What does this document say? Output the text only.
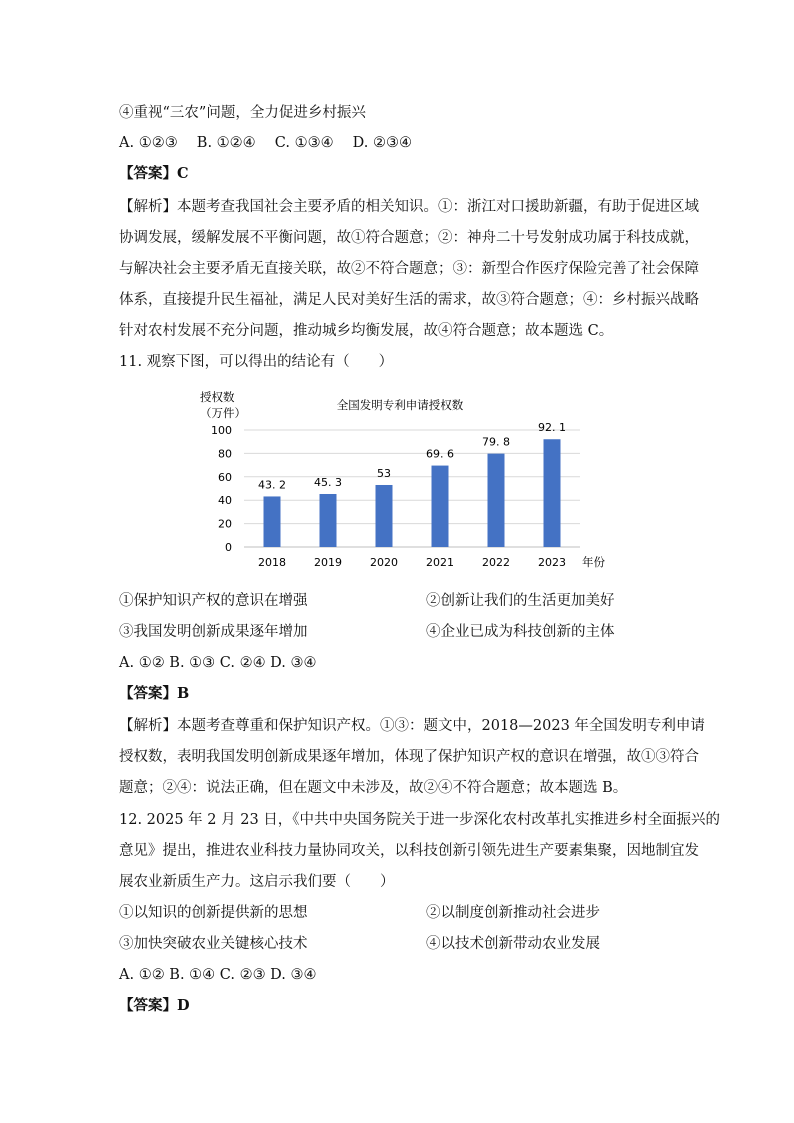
④重视“三农”问题，全力促进乡村振兴
A. ①②③　 B. ①②④　 C. ①③④　 D. ②③④
【答案】C
【解析】本题考查我国社会主要矛盾的相关知识。①：浙江对口援助新疆，有助于促进区域
协调发展，缓解发展不平衡问题，故①符合题意；②：神舟二十号发射成功属于科技成就，
与解决社会主要矛盾无直接关联，故②不符合题意；③：新型合作医疗保险完善了社会保障
体系，直接提升民生福祉，满足人民对美好生活的需求，故③符合题意；④：乡村振兴战略
针对农村发展不充分问题，推动城乡均衡发展，故④符合题意；故本题选 C。
11. 观察下图，可以得出的结论有（　　）
授权数
（万件）
全国发明专利申请授权数
年份
0
20
40
60
80
100
43. 2
2018
45. 3
2019
53
2020
69. 6
2021
79. 8
2022
92. 1
2023
①保护知识产权的意识在增强	②创新让我们的生活更加美好
③我国发明创新成果逐年增加	④企业已成为科技创新的主体
A. ①② B. ①③ C. ②④ D. ③④
【答案】B
【解析】本题考查尊重和保护知识产权。①③：题文中，2018—2023 年全国发明专利申请
授权数，表明我国发明创新成果逐年增加，体现了保护知识产权的意识在增强，故①③符合
题意；②④：说法正确，但在题文中未涉及，故②④不符合题意；故本题选 B。
12. 2025 年 2 月 23 日，《中共中央国务院关于进一步深化农村改革扎实推进乡村全面振兴的
意见》提出，推进农业科技力量协同攻关，以科技创新引领先进生产要素集聚，因地制宜发
展农业新质生产力。这启示我们要（　　）
①以知识的创新提供新的思想	②以制度创新推动社会进步
③加快突破农业关键核心技术	④以技术创新带动农业发展
A. ①② B. ①④ C. ②③ D. ③④
【答案】D
